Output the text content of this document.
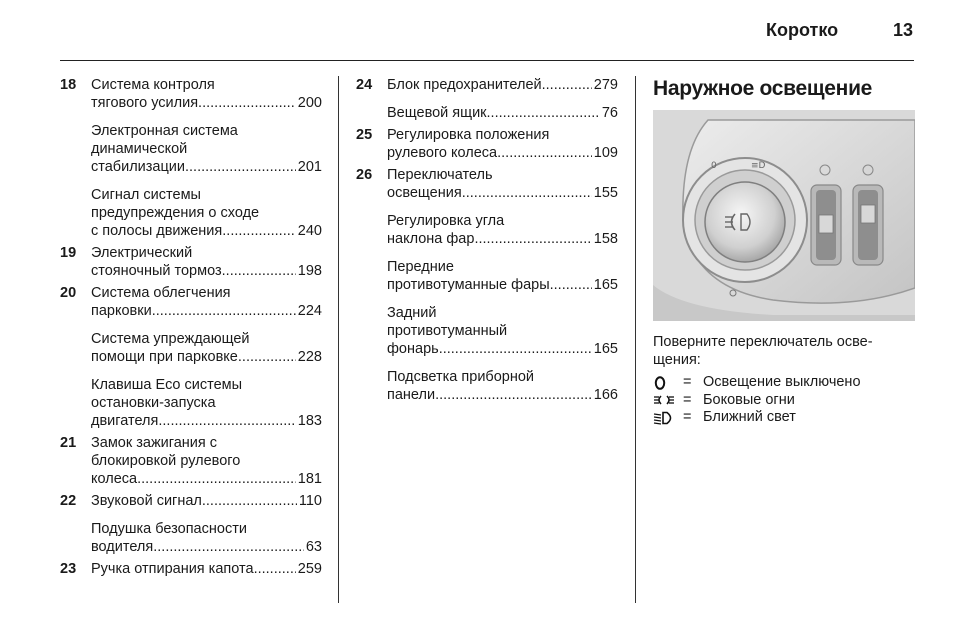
Коротко	13
18 Система контроля
тягового усилия .....	200
Электронная система
динамической
стабилизации .....	201
Сигнал системы
предупреждения о сходе
с полосы движения .....	240
19 Электрический
стояночный тормоз .....	198
20 Система облегчения
парковки .....	224
Система упреждающей
помощи при парковке .....	228
Клавиша Eco системы
остановки-запуска
двигателя .....	183
21 Замок зажигания с
блокировкой рулевого
колеса .....	181
22 Звуковой сигнал .....	110
Подушка безопасности
водителя .....	63
23 Ручка отпирания капота .....	259
24 Блок предохранителей .....	279
Вещевой ящик .....	76
25 Регулировка положения
рулевого колеса .....	109
26 Переключатель
освещения .....	155
Регулировка угла
наклона фар .....	158
Передние
противотуманные фары .....	165
Задний
противотуманный
фонарь .....	165
Подсветка приборной
панели .....	166
Наружное освещение
0	≡D
Поверните переключатель осве-
щения:
= Освещение выключено
= Боковые огни
= Ближний свет
